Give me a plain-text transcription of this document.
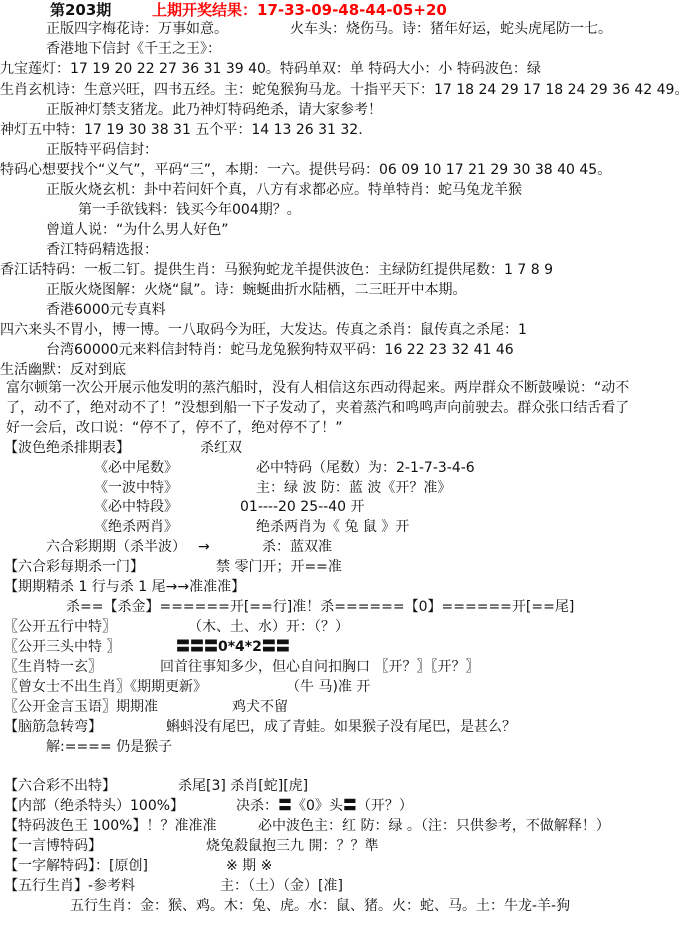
第203期	上期开奖结果：17-33-09-48-44-05+20
正版四字梅花诗：万事如意。	火车头：烧伤马。诗：猪年好运，蛇头虎尾防一七。
香港地下信封《千王之王》：
九宝莲灯：17 19 20 22 27 36 31 39 40。特码单双：单 特码大小：小 特码波色：绿
生肖玄机诗：生意兴旺，四书五经。主：蛇兔猴狗马龙。十指平天下：17 18 24 29 17 18 24 29 36 42 49。
正版神灯禁支猪龙。此乃神灯特码绝杀，请大家参考！
神灯五中特：17 19 30 38 31 五个平：14 13 26 31 32.
正版特平码信封：
特码心想要找个“义气”，平码“三”，本期：一六。提供号码：06 09 10 17 21 29 30 38 40 45。
正版火烧玄机：卦中若问奸个真，八方有求都必应。特单特肖：蛇马兔龙羊猴
第一手欲钱料：钱买今年004期？。
曾道人说：“为什么男人好色”
香江特码精选报：
香江话特码：一板二钉。提供生肖：马猴狗蛇龙羊提供波色：主绿防红提供尾数：1 7 8 9
正版火烧图解：火烧“鼠”。诗：蜿蜒曲折水陆栖，二三旺开中本期。
香港6000元专真料
四六来头不胃小，博一博。一八取码今为旺，大发达。传真之杀肖：鼠传真之杀尾：1
台湾60000元来料信封特肖：蛇马龙兔猴狗特双平码：16 22 23 32 41 46
生活幽默：反对到底
富尔顿第一次公开展示他发明的蒸汽船时，没有人相信这东西动得起来。两岸群众不断鼓噪说：“动不
了，动不了，绝对动不了！”没想到船一下子发动了，夹着蒸汽和鸣鸣声向前驶去。群众张口结舌看了
好一会后，改口说：“停不了，停不了，绝对停不了！”
【波色绝杀排期表】	杀红双
《必中尾数》	必中特码（尾数）为：2-1-7-3-4-6
《一波中特》	主：绿 波 防：蓝 波《开？准》
《必中特段》	01----20 25--40 开
《绝杀两肖》	绝杀两肖为《 兔 鼠 》开
六合彩期期（杀半波） →	杀：蓝双准
【六合彩每期杀一门】	禁 零门开；开==准
【期期精杀 1 行与杀 1 尾→→准准准】
杀==【杀金】======开[==行]准！杀======【0】======开[==尾]
〖公开五行中特〗	（木、土、水）开：（？）
〖公开三头中特 〗	〓〓〓0*4*2〓〓
〖生肖特一玄〗	回首往事知多少，但心自问扣胸口 〖开？〗〖开？〗
〖曾女士不出生肖〗《期期更新》	（牛 马)准 开
〖公开金言玉语〗期期准	鸡犬不留
【脑筋急转弯】	蝌蚪没有尾巴，成了青蛙。如果猴子没有尾巴，是甚么？
解:==== 仍是猴子
【六合彩不出特】	杀尾[3] 杀肖[蛇][虎]
【内部（绝杀特头）100%】	决杀：〓《0》头〓（开？）
【特码波色王 100%】！？准准准	必中波色主：红 防：绿 。（注：只供参考，不做解释！）
【一言博特码】	烧兔殺鼠抱三九 開：？？準
【一字解特码】：[原创]	※ 期 ※
【五行生肖】-参考料	主：（土）（金）[准]
五行生肖：金：猴、鸡。木：兔、虎。水：鼠、猪。火：蛇、马。土：牛龙-羊-狗
